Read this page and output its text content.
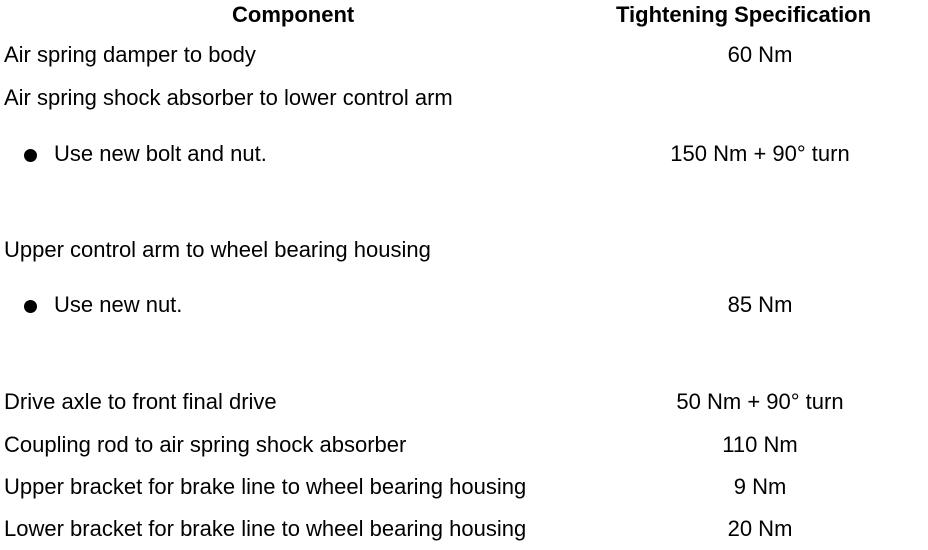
Component	Tightening Specification
Air spring damper to body	60 Nm
Air spring shock absorber to lower control arm
Use new bolt and nut.	150 Nm + 90° turn
Upper control arm to wheel bearing housing
Use new nut.	85 Nm
Drive axle to front final drive	50 Nm + 90° turn
Coupling rod to air spring shock absorber	110 Nm
Upper bracket for brake line to wheel bearing housing	9 Nm
Lower bracket for brake line to wheel bearing housing	20 Nm
